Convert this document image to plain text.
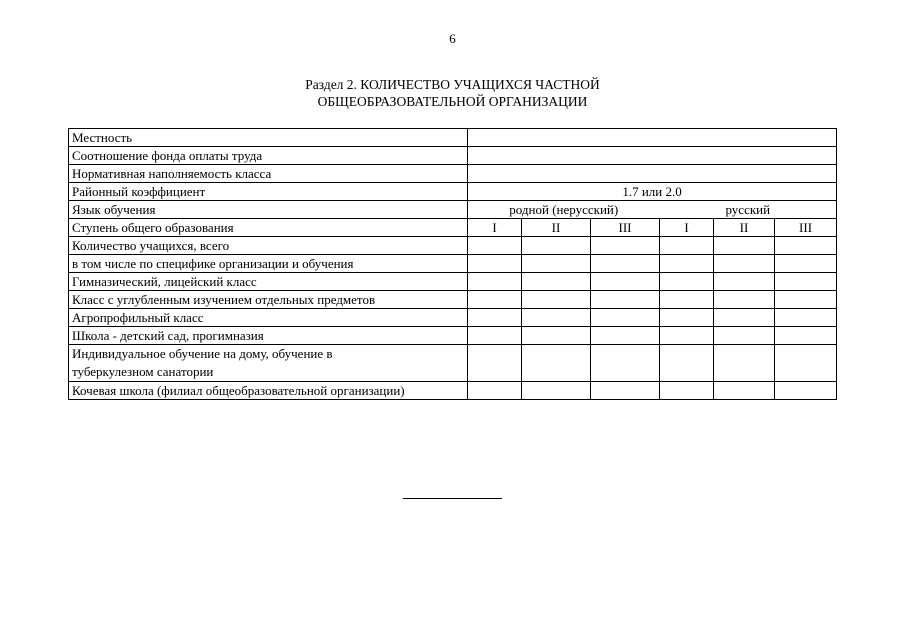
6
Раздел 2. КОЛИЧЕСТВО УЧАЩИХСЯ ЧАСТНОЙ
ОБЩЕОБРАЗОВАТЕЛЬНОЙ ОРГАНИЗАЦИИ
Местность						
Соотношение фонда оплаты труда						
Нормативная наполняемость класса						
Районный коэффициент	1.7 или 2.0					
Язык обучения	родной (нерусский)			русский		
Ступень общего образования	I	II	III	I	II	III
Количество учащихся, всего						
в том числе по специфике организации и обучения						
Гимназический, лицейский класс						
Класс с углубленным изучением отдельных предметов						
Агропрофильный класс						
Школа - детский сад, прогимназия						

Индивидуальное обучение на дому, обучение в
туберкулезном санатории						

Кочевая школа (филиал общеобразовательной организации)						
